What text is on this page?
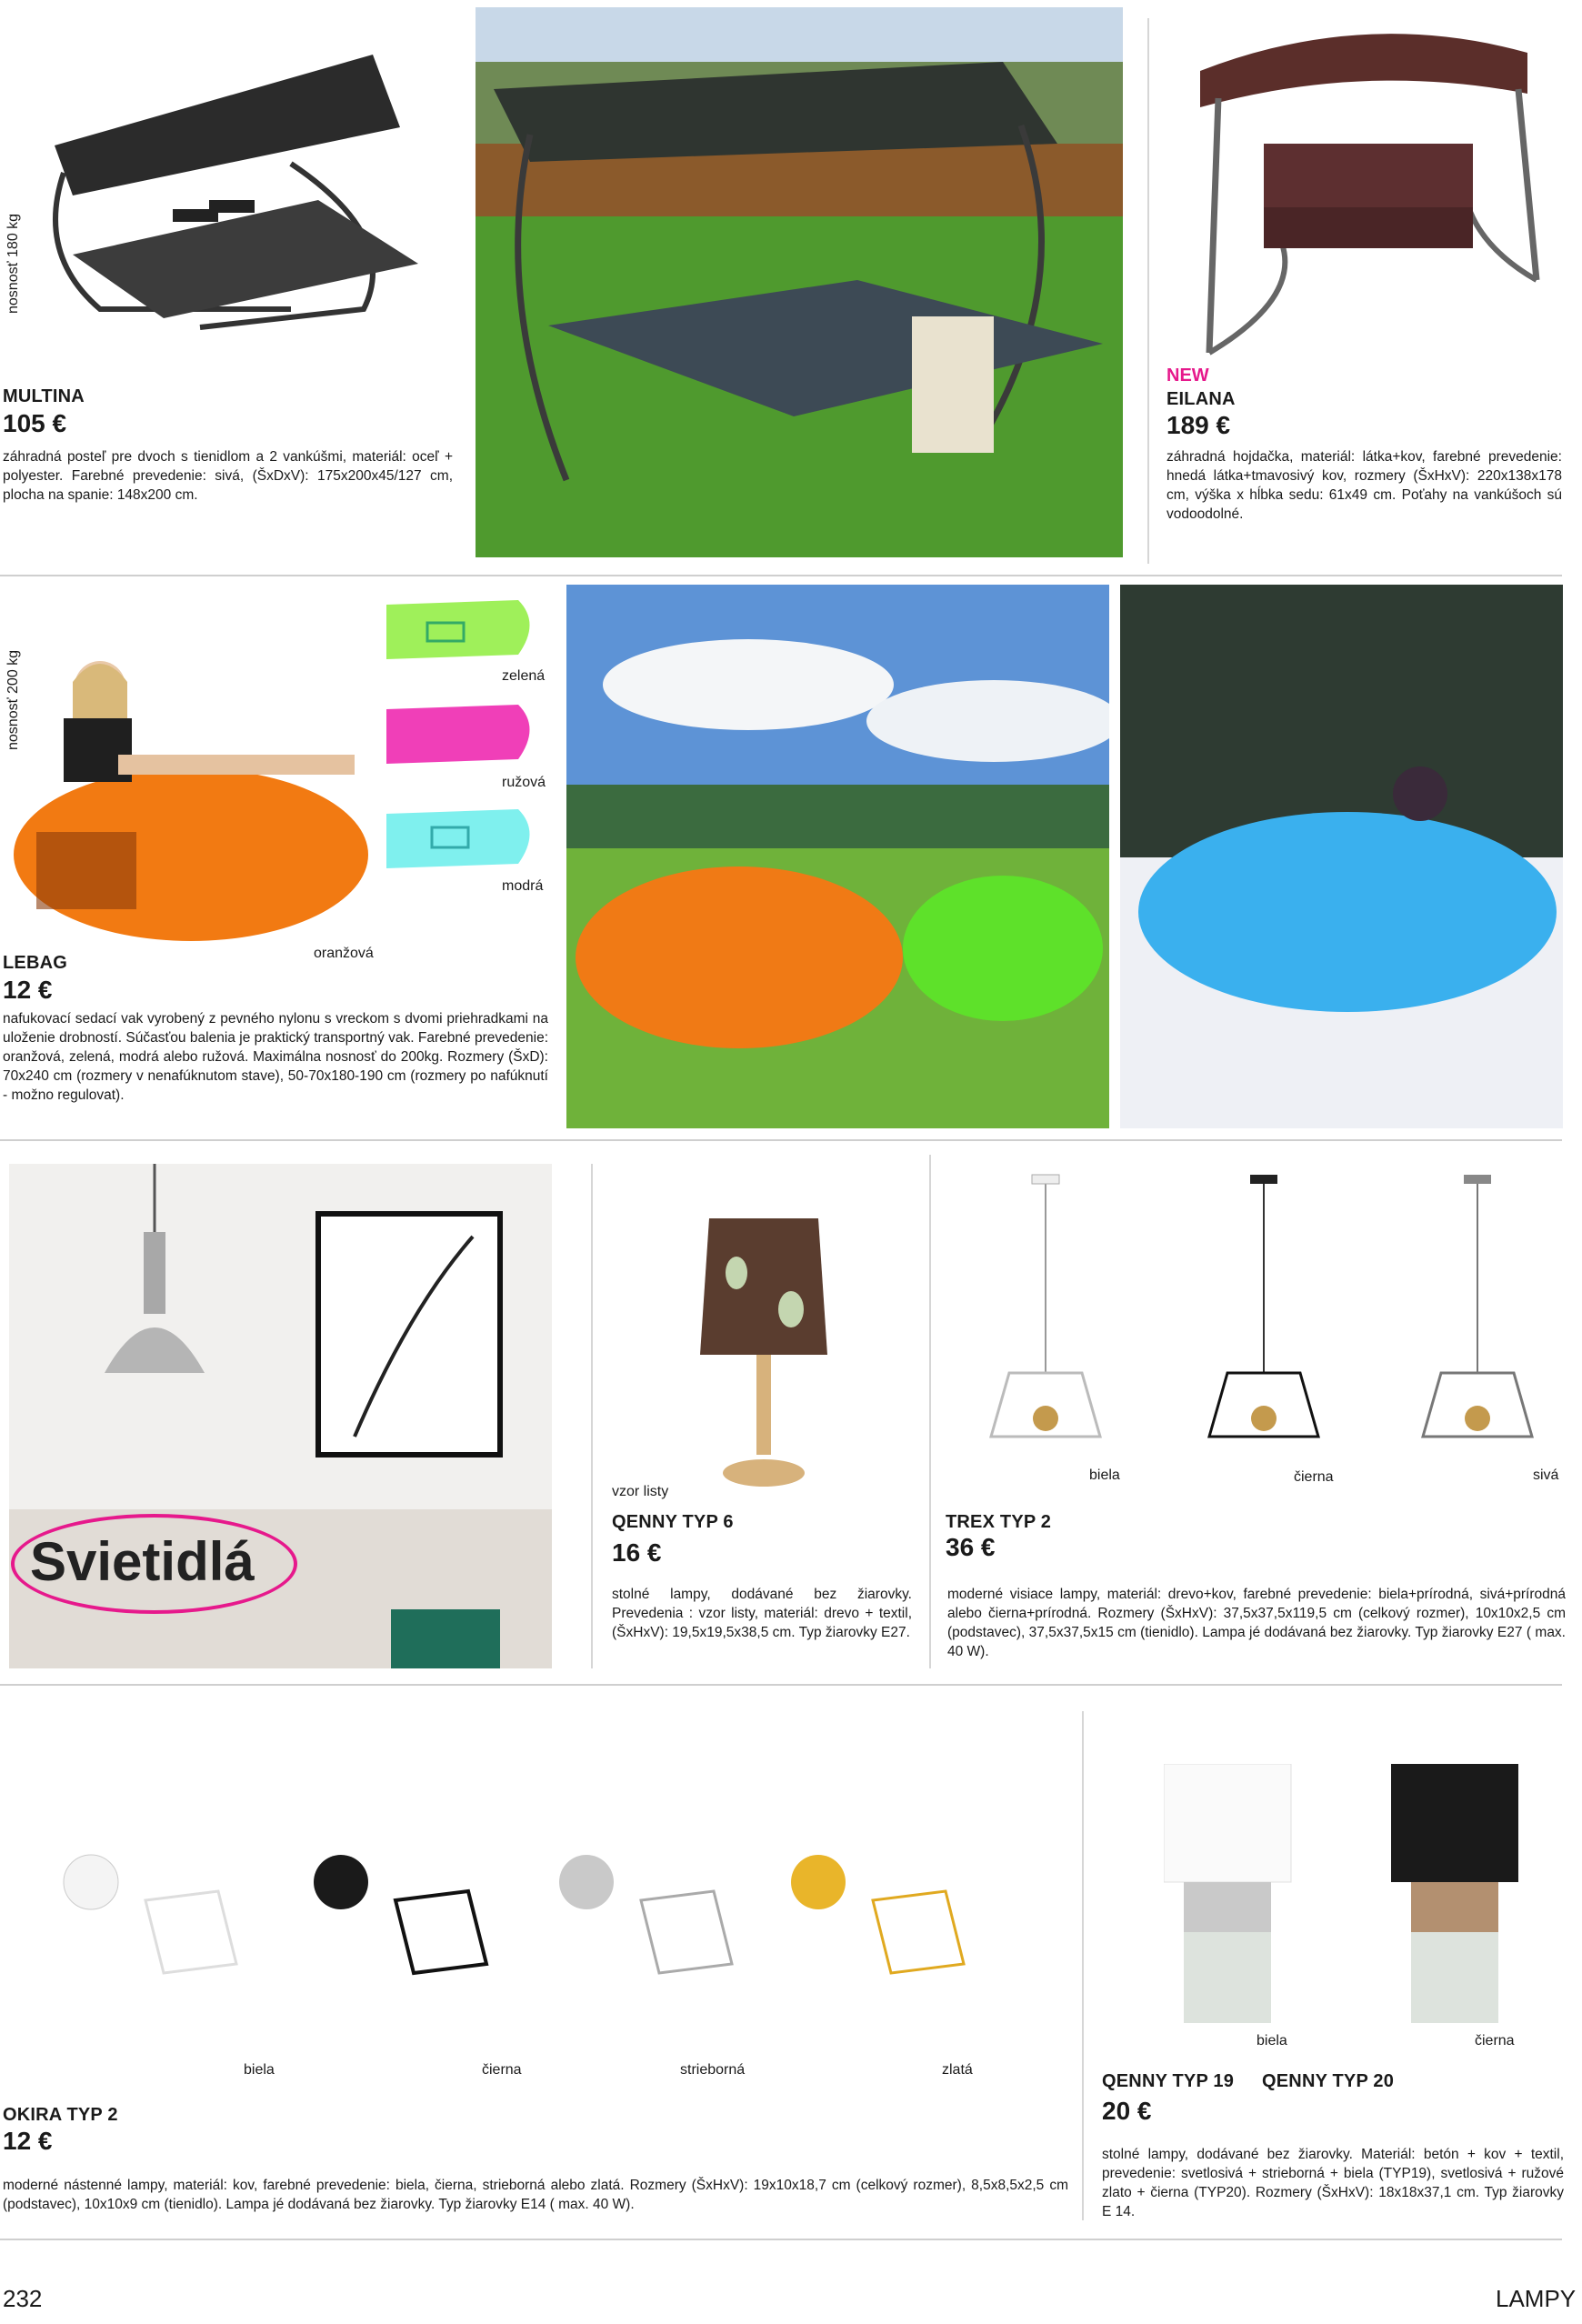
nosnosť 180 kg
MULTINA
105 €
záhradná posteľ pre dvoch s tienidlom a 2 vankúšmi, materiál: oceľ + polyester. Farebné prevedenie: sivá, (ŠxDxV): 175x200x45/127 cm, plocha na spanie: 148x200 cm.
NEW
EILANA
189 €
záhradná hojdačka, materiál: látka+kov, farebné prevedenie: hnedá látka+tmavosivý kov, rozmery (ŠxHxV): 220x138x178 cm, výška x hĺbka sedu: 61x49 cm. Poťahy na vankúšoch sú vodoodolné.
nosnosť 200 kg	zelená
ružová
modrá
oranžová
LEBAG
12 €
nafukovací sedací vak vyrobený z pevného nylonu s vreckom s dvomi priehradkami na uloženie drobností. Súčasťou balenia je praktický transportný vak. Farebné prevedenie: oranžová, zelená, modrá alebo ružová. Maximálna nosnosť do 200kg. Rozmery (ŠxD): 70x240 cm (rozmery v nenafúknutom stave), 50-70x180-190 cm (rozmery po nafúknutí - možno regulovat).
Svietidlá
vzor listy
QENNY TYP 6
16 €
stolné lampy, dodávané bez žiarovky. Prevedenia : vzor listy, materiál: drevo + textil, (ŠxHxV): 19,5x19,5x38,5 cm. Typ žiarovky E27.
biela	čierna	sivá
TREX TYP 2
36 €
moderné visiace lampy, materiál: drevo+kov, farebné prevedenie: biela+prírodná, sivá+prírodná alebo čierna+prírodná. Rozmery (ŠxHxV): 37,5x37,5x119,5 cm (celkový rozmer), 10x10x2,5 cm (podstavec), 37,5x37,5x15 cm (tienidlo). Lampa jé dodávaná bez žiarovky. Typ žiarovky E27 ( max. 40 W).
biela	čierna	strieborná	zlatá
OKIRA TYP 2
12 €
moderné nástenné lampy, materiál: kov, farebné prevedenie: biela, čierna, strieborná alebo zlatá. Rozmery (ŠxHxV): 19x10x18,7 cm (celkový rozmer), 8,5x8,5x2,5 cm (podstavec), 10x10x9 cm (tienidlo). Lampa jé dodávaná bez žiarovky. Typ žiarovky E14 ( max. 40 W).
biela	čierna
QENNY TYP 19 QENNY TYP 20
20 €
stolné lampy, dodávané bez žiarovky. Materiál: betón + kov + textil, prevedenie: svetlosivá + strieborná + biela (TYP19), svetlosivá + ružové zlato + čierna (TYP20). Rozmery (ŠxHxV): 18x18x37,1 cm. Typ žiarovky E 14.
232	LAMPY
